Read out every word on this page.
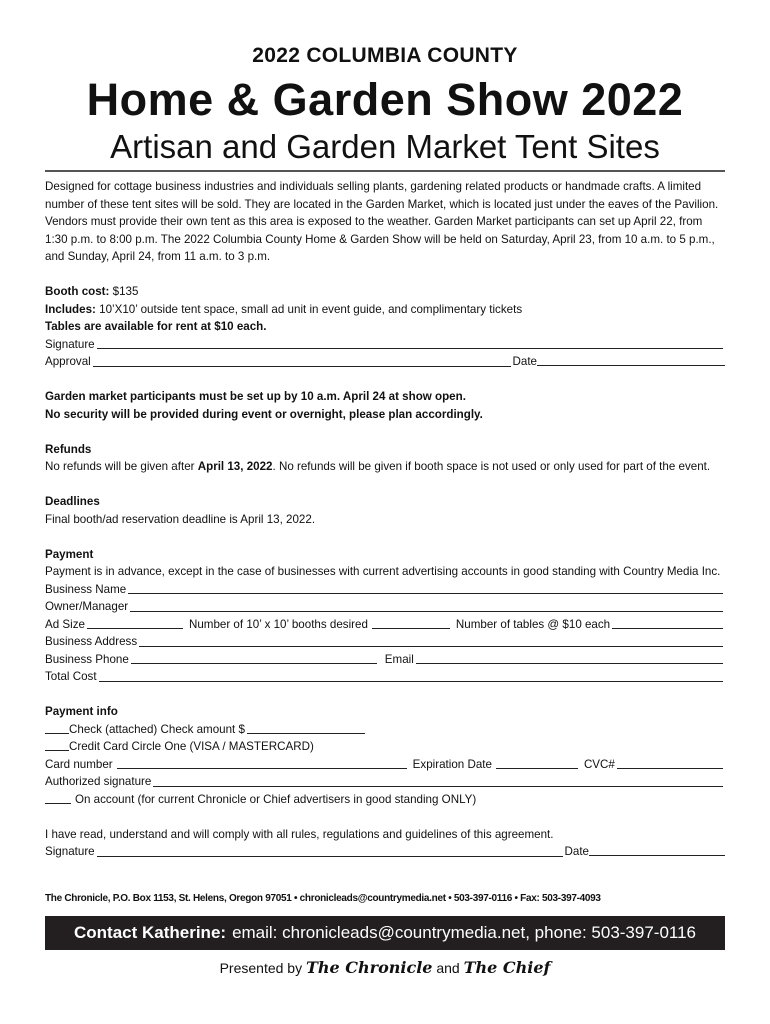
2022 COLUMBIA COUNTY
Home & Garden Show 2022
Artisan and Garden Market Tent Sites

Designed for cottage business industries and individuals selling plants, gardening related products or handmade crafts. A limited number of these tent sites will be sold. They are located in the Garden Market, which is located just under the eaves of the Pavilion. Vendors must provide their own tent as this area is exposed to the weather. Garden Market participants can set up April 22, from 1:30 p.m. to 8:00 p.m. The 2022 Columbia County Home & Garden Show will be held on Saturday, April 23, from 10 a.m. to 5 p.m., and Sunday, April 24, from 11 a.m. to 3 p.m.

Booth cost: $135

Includes: 10’X10’ outside tent space, small ad unit in event guide, and complimentary tickets

Tables are available for rent at $10 each.

Signature
Approval	Date

Garden market participants must be set up by 10 a.m. April 24 at show open.

No security will be provided during event or overnight, please plan accordingly.

Refunds

No refunds will be given after April 13, 2022. No refunds will be given if booth space is not used or only used for part of the event.

Deadlines

Final booth/ad reservation deadline is April 13, 2022.

Payment

Payment is in advance, except in the case of businesses with current advertising accounts in good standing with Country Media Inc.

Business Name
Owner/Manager
Ad Size	Number of 10’ x 10’ booths desired	Number of tables @ $10 each
Business Address
Business Phone	Email
Total Cost

Payment info

Check (attached) Check amount $
Credit Card Circle One (VISA / MASTERCARD)
Card number	Expiration Date	CVC#
Authorized signature
On account (for current Chronicle or Chief advertisers in good standing ONLY)

I have read, understand and will comply with all rules, regulations and guidelines of this agreement.

Signature	Date
The Chronicle, P.O. Box 1153, St. Helens, Oregon 97051 • chronicleads@countrymedia.net • 503-397-0116 • Fax: 503-397-4093
Contact Katherine: email: chronicleads@countrymedia.net, phone: 503-397-0116
Presented by The Chronicle and The Chief
